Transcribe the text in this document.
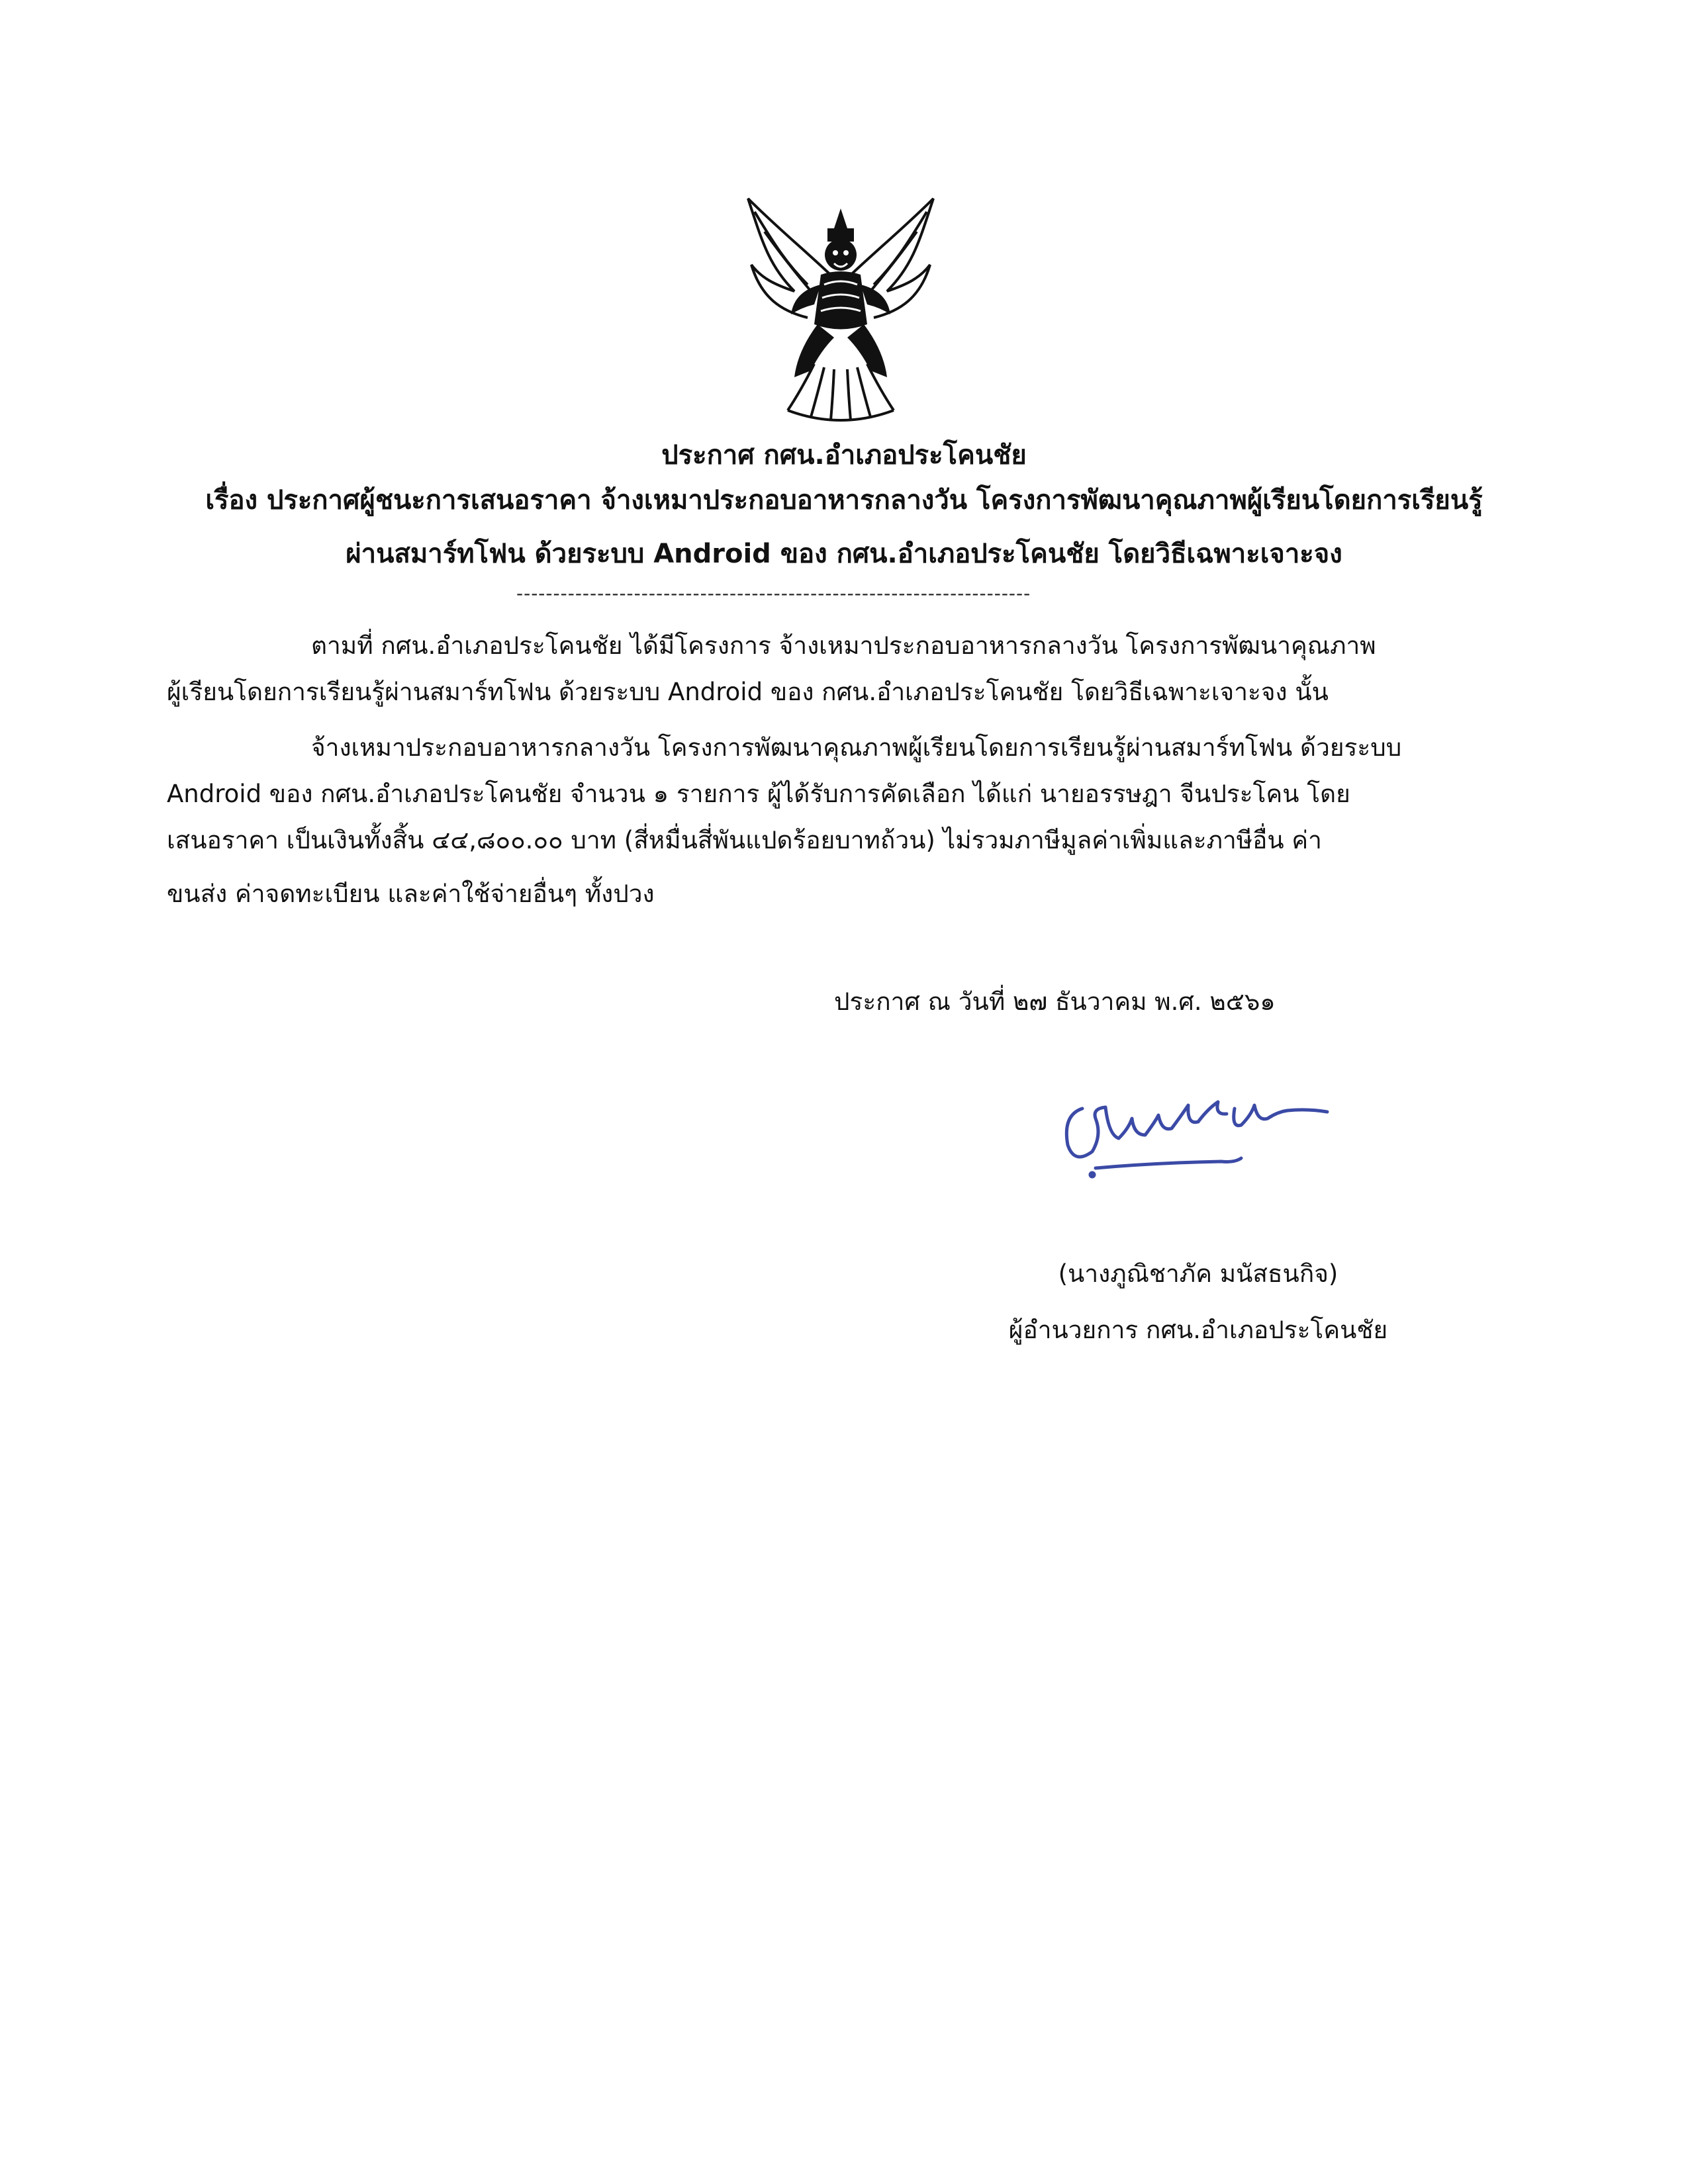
ประกาศ กศน.อำเภอประโคนชัย
เรื่อง ประกาศผู้ชนะการเสนอราคา จ้างเหมาประกอบอาหารกลางวัน โครงการพัฒนาคุณภาพผู้เรียนโดยการเรียนรู้
ผ่านสมาร์ทโฟน ด้วยระบบ Android ของ กศน.อำเภอประโคนชัย โดยวิธีเฉพาะเจาะจง
----------------------------------------------------------------------
ตามที่ กศน.อำเภอประโคนชัย ได้มีโครงการ จ้างเหมาประกอบอาหารกลางวัน โครงการพัฒนาคุณภาพ
ผู้เรียนโดยการเรียนรู้ผ่านสมาร์ทโฟน ด้วยระบบ Android ของ กศน.อำเภอประโคนชัย โดยวิธีเฉพาะเจาะจง นั้น
จ้างเหมาประกอบอาหารกลางวัน โครงการพัฒนาคุณภาพผู้เรียนโดยการเรียนรู้ผ่านสมาร์ทโฟน ด้วยระบบ
Android ของ กศน.อำเภอประโคนชัย จำนวน ๑ รายการ ผู้ได้รับการคัดเลือก ได้แก่ นายอรรษฎา จีนประโคน โดย
เสนอราคา เป็นเงินทั้งสิ้น ๔๔,๘๐๐.๐๐ บาท (สี่หมื่นสี่พันแปดร้อยบาทถ้วน) ไม่รวมภาษีมูลค่าเพิ่มและภาษีอื่น ค่า
ขนส่ง ค่าจดทะเบียน และค่าใช้จ่ายอื่นๆ ทั้งปวง
ประกาศ ณ วันที่ ๒๗ ธันวาคม พ.ศ. ๒๕๖๑
(นางภูณิชาภัค มนัสธนกิจ)
ผู้อำนวยการ กศน.อำเภอประโคนชัย
